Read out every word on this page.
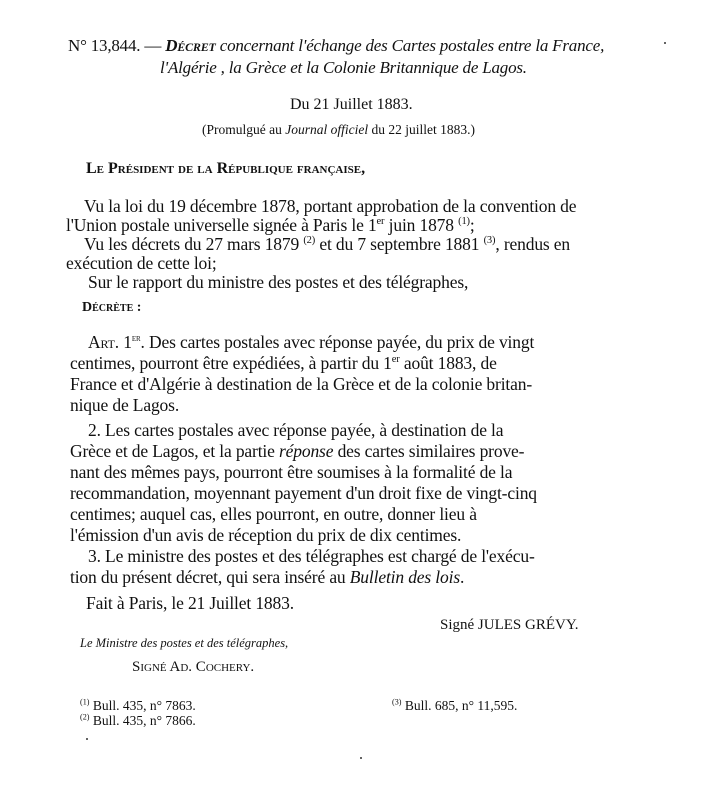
N° 13,844. — Décret concernant l'échange des Cartes postales entre la France,
l'Algérie , la Grèce et la Colonie Britannique de Lagos.
Du 21 Juillet 1883.
(Promulgué au Journal officiel du 22 juillet 1883.)
Le Président de la République française,
Vu la loi du 19 décembre 1878, portant approbation de la convention de
l'Union postale universelle signée à Paris le 1er juin 1878 $^{(1)}$;
Vu les décrets du 27 mars 1879 $^{(2)}$ et du 7 septembre 1881 $^{(3)}$, rendus en
exécution de cette loi;
Sur le rapport du ministre des postes et des télégraphes,
Décrète :
Art. 1er. Des cartes postales avec réponse payée, du prix de vingt
centimes, pourront être expédiées, à partir du 1er août 1883, de
France et d'Algérie à destination de la Grèce et de la colonie britan-
nique de Lagos.
2. Les cartes postales avec réponse payée, à destination de la
Grèce et de Lagos, et la partie réponse des cartes similaires prove-
nant des mêmes pays, pourront être soumises à la formalité de la
recommandation, moyennant payement d'un droit fixe de vingt-cinq
centimes; auquel cas, elles pourront, en outre, donner lieu à
l'émission d'un avis de réception du prix de dix centimes.
3. Le ministre des postes et des télégraphes est chargé de l'exécu-
tion du présent décret, qui sera inséré au Bulletin des lois.
Fait à Paris, le 21 Juillet 1883.
Signé JULES GRÉVY.
Le Ministre des postes et des télégraphes,
Signé Ad. Cochery.
$^{(1)}$ Bull. 435, n° 7863.
$^{(2)}$ Bull. 435, n° 7866.
$^{(3)}$ Bull. 685, n° 11,595.
